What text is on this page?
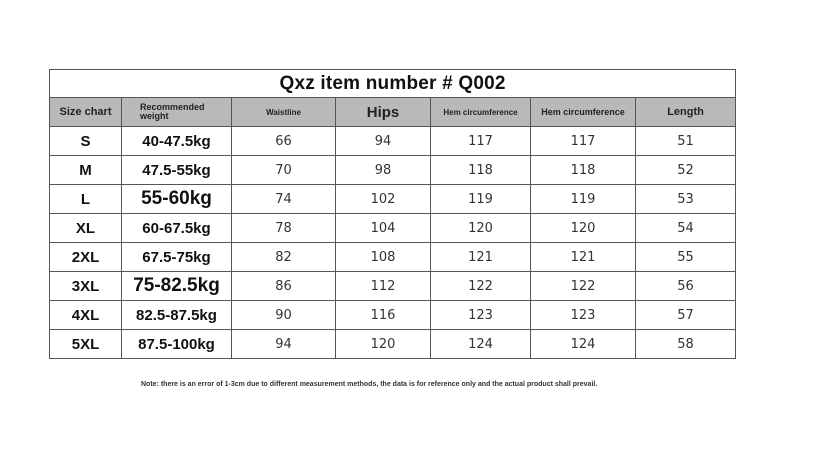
Qxz item number # Q002						
Size chart	Recommended weight	Waistline	Hips	Hem circumference	Hem circumference	Length
S	40-47.5kg	66	94	117	117	51
M	47.5-55kg	70	98	118	118	52
L	55-60kg	74	102	119	119	53
XL	60-67.5kg	78	104	120	120	54
2XL	67.5-75kg	82	108	121	121	55
3XL	75-82.5kg	86	112	122	122	56
4XL	82.5-87.5kg	90	116	123	123	57
5XL	87.5-100kg	94	120	124	124	58
Note: there is an error of 1-3cm due to different measurement methods, the data is for reference only and the actual product shall prevail.
